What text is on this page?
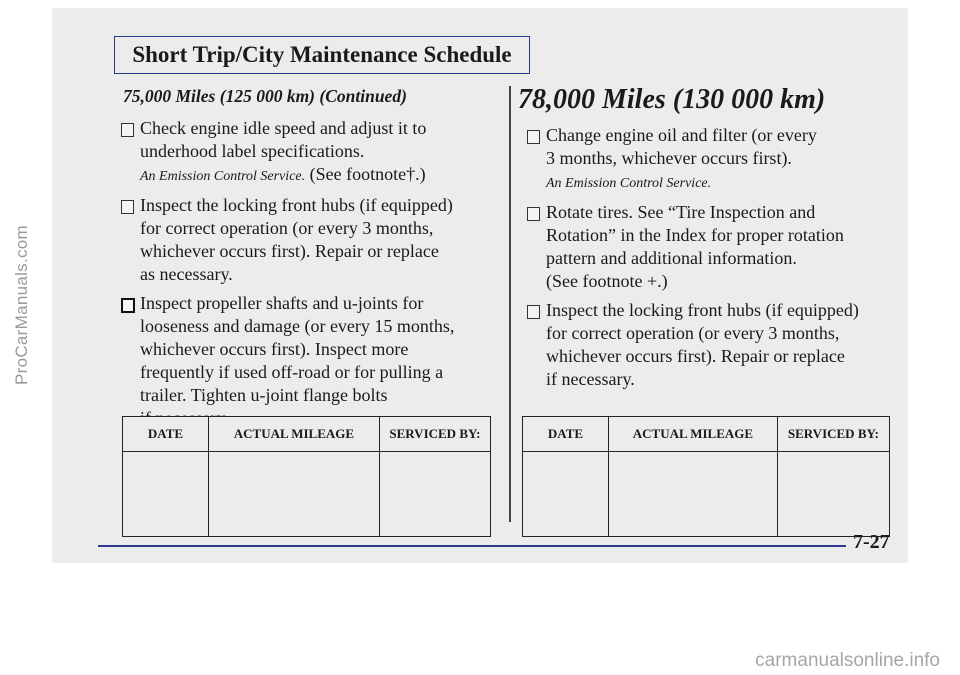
ProCarManuals.com
Short Trip/City Maintenance Schedule
75,000 Miles (125 000 km) (Continued)
Check engine idle speed and adjust it to
underhood label specifications.
An Emission Control Service. (See footnote†.)
Inspect the locking front hubs (if equipped)
for correct operation (or every 3 months,
whichever occurs first). Repair or replace
as necessary.
Inspect propeller shafts and u-joints for
looseness and damage (or every 15 months,
whichever occurs first). Inspect more
frequently if used off-road or for pulling a
trailer. Tighten u-joint flange bolts
78,000 Miles (130 000 km)
Change engine oil and filter (or every
3 months, whichever occurs first).
An Emission Control Service.
Rotate tires. See “Tire Inspection and
Rotation” in the Index for proper rotation
pattern and additional information.
(See footnote +.)
Inspect the locking front hubs (if equipped)
for correct operation (or every 3 months,
whichever occurs first). Repair or replace
if necessary.
DATE	ACTUAL MILEAGE	SERVICED BY:
			DATE	ACTUAL MILEAGE	SERVICED BY:

7-27
carmanualsonline.info
